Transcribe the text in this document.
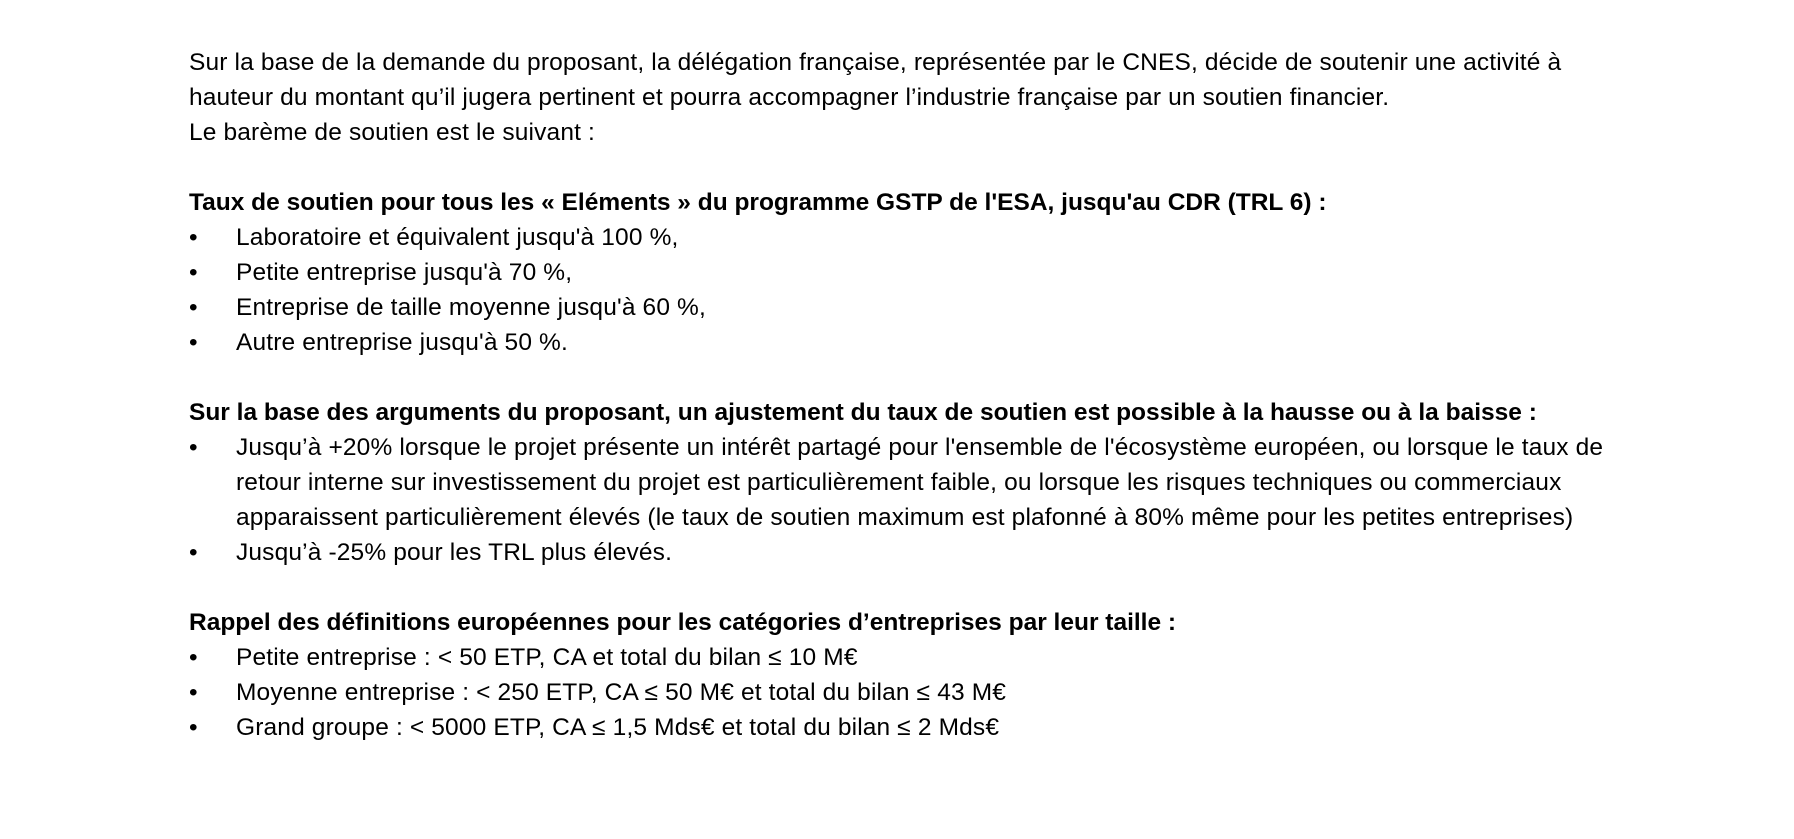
Sur la base de la demande du proposant, la délégation française, représentée par le CNES, décide de soutenir une activité à hauteur du montant qu’il jugera pertinent et pourra accompagner l’industrie française par un soutien financier.

Le barème de soutien est le suivant :

Taux de soutien pour tous les « Eléments » du programme GSTP de l'ESA, jusqu'au CDR (TRL 6) :

•	Laboratoire et équivalent jusqu'à 100 %,
•	Petite entreprise jusqu'à 70 %,
•	Entreprise de taille moyenne jusqu'à 60 %,
•	Autre entreprise jusqu'à 50 %.

Sur la base des arguments du proposant, un ajustement du taux de soutien est possible à la hausse ou à la baisse :

•	Jusqu’à +20% lorsque le projet présente un intérêt partagé pour l'ensemble de l'écosystème européen, ou lorsque le taux de retour interne sur investissement du projet est particulièrement faible, ou lorsque les risques techniques ou commerciaux apparaissent particulièrement élevés (le taux de soutien maximum est plafonné à 80% même pour les petites entreprises)
•	Jusqu’à -25% pour les TRL plus élevés.

Rappel des définitions européennes pour les catégories d’entreprises par leur taille :

•	Petite entreprise : < 50 ETP, CA et total du bilan ≤ 10 M€
•	Moyenne entreprise : < 250 ETP, CA ≤ 50 M€ et total du bilan ≤ 43 M€
•	Grand groupe : < 5000 ETP, CA ≤ 1,5 Mds€ et total du bilan ≤ 2 Mds€
